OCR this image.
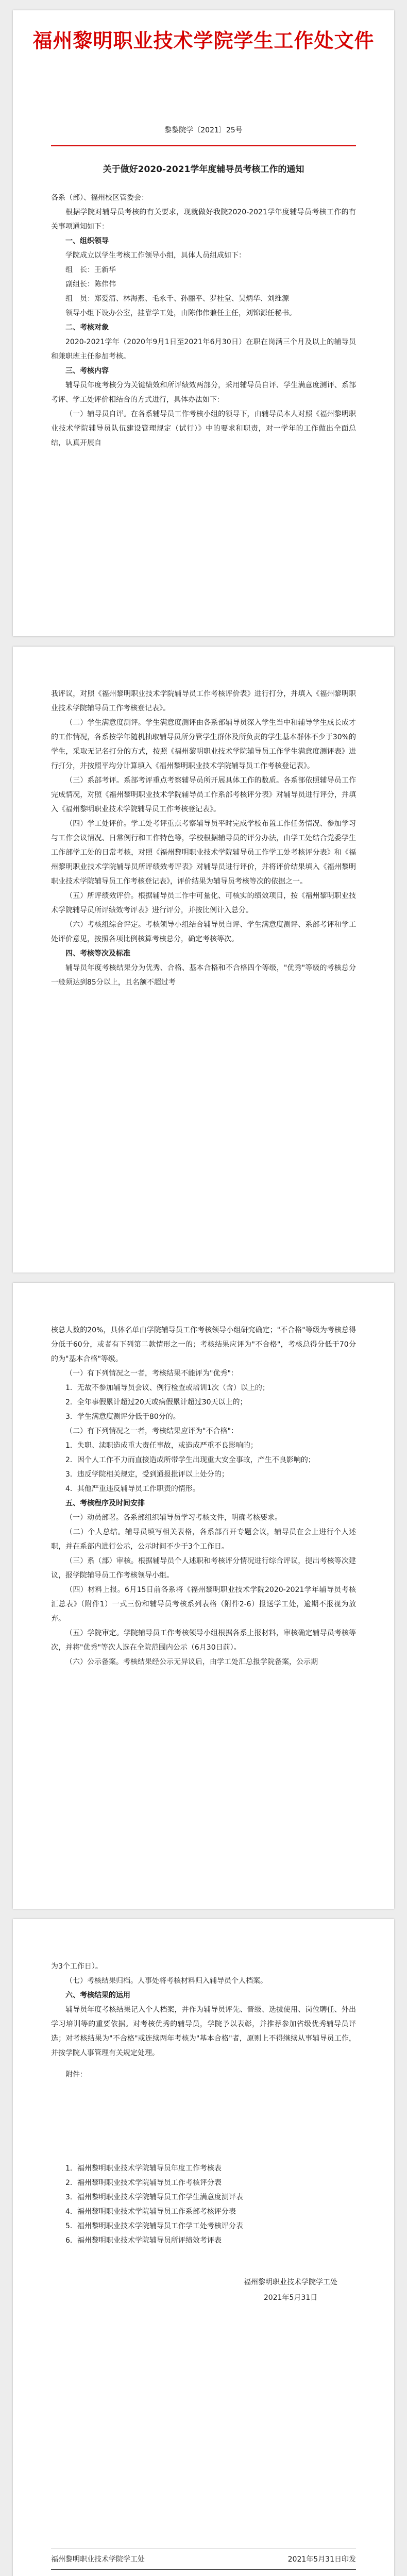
福州黎明职业技术学院学生工作处文件
黎黎院学〔2021〕25号
关于做好2020-2021学年度辅导员考核工作的通知

各系（部）、福州校区管委会：

根据学院对辅导员考核的有关要求，现就做好我院2020-2021学年度辅导员考核工作的有关事项通知如下：

一、组织领导

学院成立以学生考核工作领导小组，具体人员组成如下：

组　长：王新华

副组长：陈伟伟

组　员：郑爱清、林海燕、毛永千、孙丽平、罗桂堂、吴炳华、刘维源

领导小组下设办公室，挂靠学工处，由陈伟伟兼任主任，刘锦源任秘书。

二、考核对象

2020-2021学年（2020年9月1日至2021年6月30日）在职在岗满三个月及以上的辅导员和兼职班主任参加考核。

三、考核内容

辅导员年度考核分为关键绩效和所评绩效两部分，采用辅导员自评、学生满意度测评、系部考评、学工处评价相结合的方式进行，具体办法如下：

（一）辅导员自评。在各系辅导员工作考核小组的领导下，由辅导员本人对照《福州黎明职业技术学院辅导员队伍建设管理规定（试行）》中的要求和职责，对一学年的工作做出全面总结，认真开展自

我评议，对照《福州黎明职业技术学院辅导员工作考核评价表》进行打分，并填入《福州黎明职业技术学院辅导员工作考核登记表》。

（二）学生满意度测评。学生满意度测评由各系部辅导员深入学生当中和辅导学生成长成才的工作情况，各系按学年随机抽取辅导员所分管学生群体及所负责的学生基本群体不少于30%的学生，采取无记名打分的方式，按照《福州黎明职业技术学院辅导员工作学生满意度测评表》进行打分，并按照平均分计算填入《福州黎明职业技术学院辅导员工作考核登记表》。

（三）系部考评。系部考评重点考察辅导员所开展具体工作的数质。各系部依照辅导员工作完成情况，对照《福州黎明职业技术学院辅导员工作系部考核评分表》对辅导员进行评分，并填入《福州黎明职业技术学院辅导员工作考核登记表》。

（四）学工处评价。学工处考评重点考察辅导员平时完成学校布置工作任务情况、参加学习与工作会议情况、日常例行和工作特色等，学校根据辅导员的评分办法，由学工处结合党委学生工作部学工处的日常考核，对照《福州黎明职业技术学院辅导员工作学工处考核评分表》和《福州黎明职业技术学院辅导员所评绩效考评表》对辅导员进行评价，并将评价结果填入《福州黎明职业技术学院辅导员工作考核登记表》，评价结果为辅导员考核等次的依据之一。

（五）所评绩效评价。根据辅导员工作中可量化、可核实的绩效项目，按《福州黎明职业技术学院辅导员所评绩效考评表》进行评分，并按比例计入总分。

（六）考核组综合评定。考核领导小组结合辅导员自评、学生满意度测评、系部考评和学工处评价意见，按照各项比例核算考核总分，确定考核等次。

四、考核等次及标准

辅导员年度考核结果分为优秀、合格、基本合格和不合格四个等级，"优秀"等级的考核总分一般须达到85分以上，且名额不超过考

核总人数的20%，具体名单由学院辅导员工作考核领导小组研究确定；"不合格"等级为考核总得分低于60分，或者有下列第二款情形之一的；考核结果应评为"不合格"，考核总得分低于70分的为"基本合格"等级。

（一）有下列情况之一者，考核结果不能评为"优秀"：

1．无故不参加辅导员会议、例行检查或培训1次（含）以上的；

2．全年事假累计超过20天或病假累计超过30天以上的；

3．学生满意度测评分低于80分的。

（二）有下列情况之一者，考核结果应评为"不合格"：

1．失职、渎职造成重大责任事故，或造成严重不良影响的；

2．因个人工作不力而直接造成所带学生出现重大安全事故，产生不良影响的；

3．违反学院相关规定，受到通报批评以上处分的；

4．其他严重违反辅导员工作职责的情形。

五、考核程序及时间安排

（一）动员部署。各系部组织辅导员学习考核文件，明确考核要求。

（二）个人总结。辅导员填写相关表格，各系部召开专题会议，辅导员在会上进行个人述职，并在系部内进行公示，公示时间不少于3个工作日。

（三）系（部）审核。根据辅导员个人述职和考核评分情况进行综合评议，提出考核等次建议，报学院辅导员工作考核领导小组。

（四）材料上报。6月15日前各系将《福州黎明职业技术学院2020-2021学年辅导员考核汇总表》（附件1）一式三份和辅导员考核系列表格（附件2-6）报送学工处，逾期不报视为放弃。

（五）学院审定。学院辅导员工作考核领导小组根据各系上报材料，审核确定辅导员考核等次，并将"优秀"等次人选在全院范围内公示（6月30日前）。

（六）公示备案。考核结果经公示无异议后，由学工处汇总报学院备案，公示期

为3个工作日）。

（七）考核结果归档。人事处将考核材料归入辅导员个人档案。

六、考核结果的运用

辅导员年度考核结果记入个人档案，并作为辅导员评先、晋级、选拔使用、岗位聘任、外出学习培训等的重要依据。对考核优秀的辅导员，学院予以表彰，并推荐参加省级优秀辅导员评选；对考核结果为"不合格"或连续两年考核为"基本合格"者，原则上不得继续从事辅导员工作，并按学院人事管理有关规定处理。

附件：

1．福州黎明职业技术学院辅导员年度工作考核表

2．福州黎明职业技术学院辅导员工作考核评分表

3．福州黎明职业技术学院辅导员工作学生满意度测评表

4．福州黎明职业技术学院辅导员工作系部考核评分表

5．福州黎明职业技术学院辅导员工作学工处考核评分表

6．福州黎明职业技术学院辅导员所评绩效考评表

福州黎明职业技术学院学工处
2021年5月31日
福州黎明职业技术学院学工处	2021年5月31日印发
